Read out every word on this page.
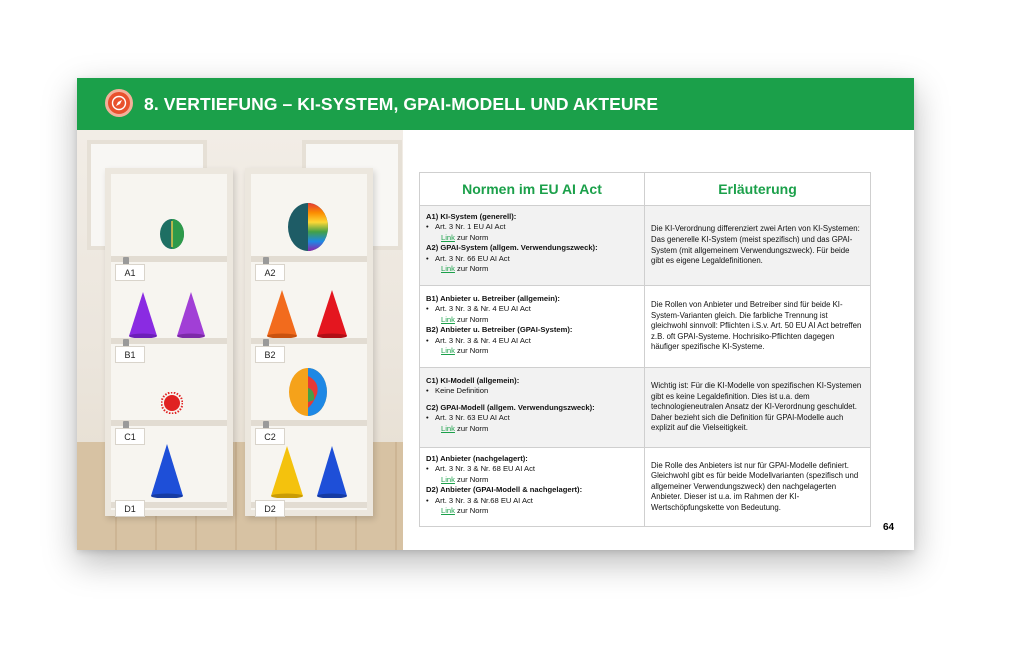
8. VERTIEFUNG – KI-SYSTEM, GPAI-MODELL UND AKTEURE
A1
B1
C1
D1
A2
B2
C2
D2
Normen im EU AI Act	Erläuterung
A1) KI-System (generell):
• Art. 3 Nr. 1 EU AI Act
Link zur Norm
A2) GPAI-System (allgem. Verwendungszweck):
• Art. 3 Nr. 66 EU AI Act
Link zur Norm
Die KI-Verordnung differenziert zwei Arten von KI-Systemen: Das generelle KI-System (meist spezifisch) und das GPAI-System (mit allgemeinem Verwendungszweck). Für beide gibt es eigene Legaldefinitionen.
B1) Anbieter u. Betreiber (allgemein):
• Art. 3 Nr. 3 & Nr. 4 EU AI Act
Link zur Norm
B2) Anbieter u. Betreiber (GPAI-System):
• Art. 3 Nr. 3 & Nr. 4 EU AI Act
Link zur Norm
Die Rollen von Anbieter und Betreiber sind für beide KI-System-Varianten gleich. Die farbliche Trennung ist gleichwohl sinnvoll: Pflichten i.S.v. Art. 50 EU AI Act betreffen z.B. oft GPAI-Systeme. Hochrisiko-Pflichten dagegen häufiger spezifische KI-Systeme.
C1) KI-Modell (allgemein):
• Keine Definition
C2) GPAI-Modell (allgem. Verwendungszweck):
• Art. 3 Nr. 63 EU AI Act
Link zur Norm
Wichtig ist: Für die KI-Modelle von spezifischen KI-Systemen gibt es keine Legaldefinition. Dies ist u.a. dem technologieneutralen Ansatz der KI-Verordnung geschuldet. Daher bezieht sich die Definition für GPAI-Modelle auch explizit auf die Vielseitigkeit.
D1) Anbieter (nachgelagert):
• Art. 3 Nr. 3 & Nr. 68 EU AI Act
Link zur Norm
D2) Anbieter (GPAI-Modell & nachgelagert):
• Art. 3 Nr. 3 & Nr.68 EU AI Act
Link zur Norm
Die Rolle des Anbieters ist nur für GPAI-Modelle definiert. Gleichwohl gibt es für beide Modellvarianten (spezifisch und allgemeiner Verwendungszweck) den nachgelagerten Anbieter. Dieser ist u.a. im Rahmen der KI-Wertschöpfungskette von Bedeutung.
64
